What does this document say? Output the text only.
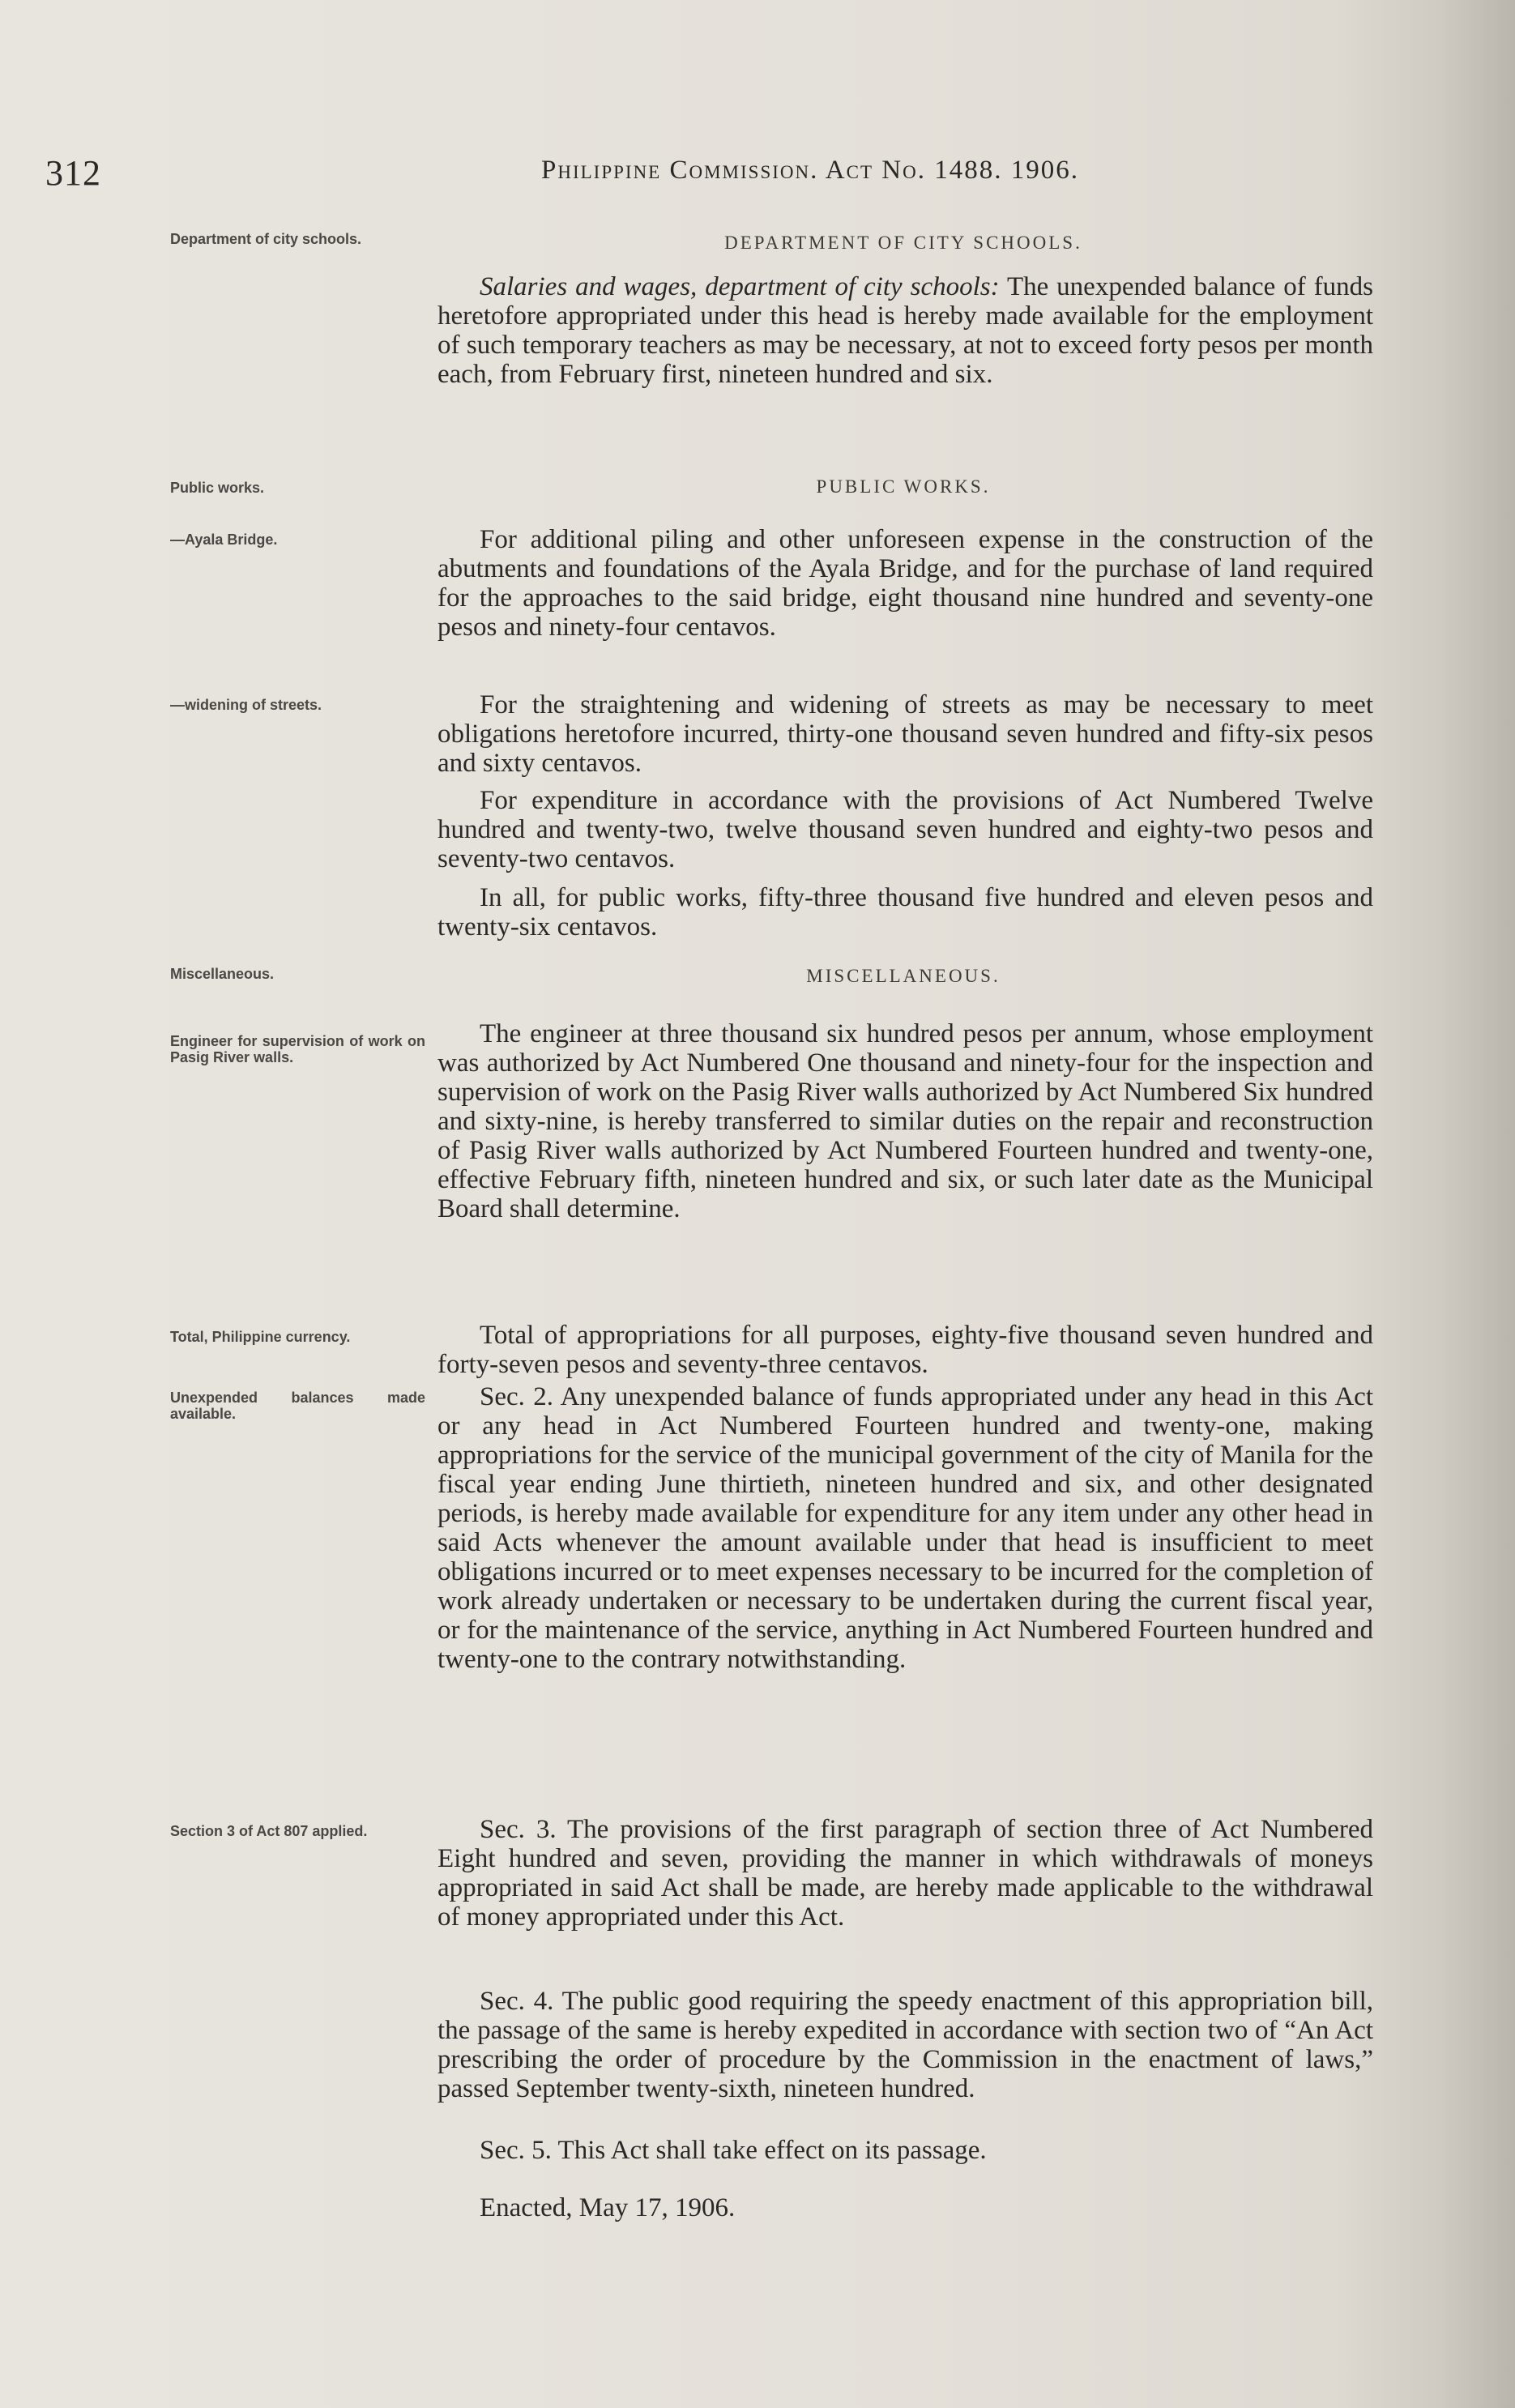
312	Philippine Commission. Act No. 1488. 1906.
Department of city schools.	DEPARTMENT OF CITY SCHOOLS.

Salaries and wages, department of city schools: The unexpended balance of funds heretofore appropriated under this head is hereby made available for the employment of such temporary teachers as may be necessary, at not to exceed forty pesos per month each, from February first, nineteen hundred and six.

Public works.	PUBLIC WORKS.
—Ayala Bridge.	For additional piling and other unforeseen expense in the construction of the abutments and foundations of the Ayala Bridge, and for the purchase of land required for the approaches to the said bridge, eight thousand nine hundred and seventy-one pesos and ninety-four centavos.

—widening of streets.	For the straightening and widening of streets as may be necessary to meet obligations heretofore incurred, thirty-one thousand seven hundred and fifty-six pesos and sixty centavos.

For expenditure in accordance with the provisions of Act Numbered Twelve hundred and twenty-two, twelve thousand seven hundred and eighty-two pesos and seventy-two centavos.

In all, for public works, fifty-three thousand five hundred and eleven pesos and twenty-six centavos.

Miscellaneous.	MISCELLANEOUS.
Engineer for supervision of work on Pasig River walls.

The engineer at three thousand six hundred pesos per annum, whose employment was authorized by Act Numbered One thousand and ninety-four for the inspection and supervision of work on the Pasig River walls authorized by Act Numbered Six hundred and sixty-nine, is hereby transferred to similar duties on the repair and reconstruction of Pasig River walls authorized by Act Numbered Fourteen hundred and twenty-one, effective February fifth, nineteen hundred and six, or such later date as the Municipal Board shall determine.

Total, Philippine currency.	Total of appropriations for all purposes, eighty-five thousand seven hundred and forty-seven pesos and seventy-three centavos.

Unexpended balances made available.

Sec. 2. Any unexpended balance of funds appropriated under any head in this Act or any head in Act Numbered Fourteen hundred and twenty-one, making appropriations for the service of the municipal government of the city of Manila for the fiscal year ending June thirtieth, nineteen hundred and six, and other designated periods, is hereby made available for expenditure for any item under any other head in said Acts whenever the amount available under that head is insufficient to meet obligations incurred or to meet expenses necessary to be incurred for the completion of work already undertaken or necessary to be undertaken during the current fiscal year, or for the maintenance of the service, anything in Act Numbered Fourteen hundred and twenty-one to the contrary notwithstanding.

Section 3 of Act 807 applied.	Sec. 3. The provisions of the first paragraph of section three of Act Numbered Eight hundred and seven, providing the manner in which withdrawals of moneys appropriated in said Act shall be made, are hereby made applicable to the withdrawal of money appropriated under this Act.

Sec. 4. The public good requiring the speedy enactment of this appropriation bill, the passage of the same is hereby expedited in accordance with section two of “An Act prescribing the order of procedure by the Commission in the enactment of laws,” passed September twenty-sixth, nineteen hundred.

Sec. 5. This Act shall take effect on its passage.

Enacted, May 17, 1906.
